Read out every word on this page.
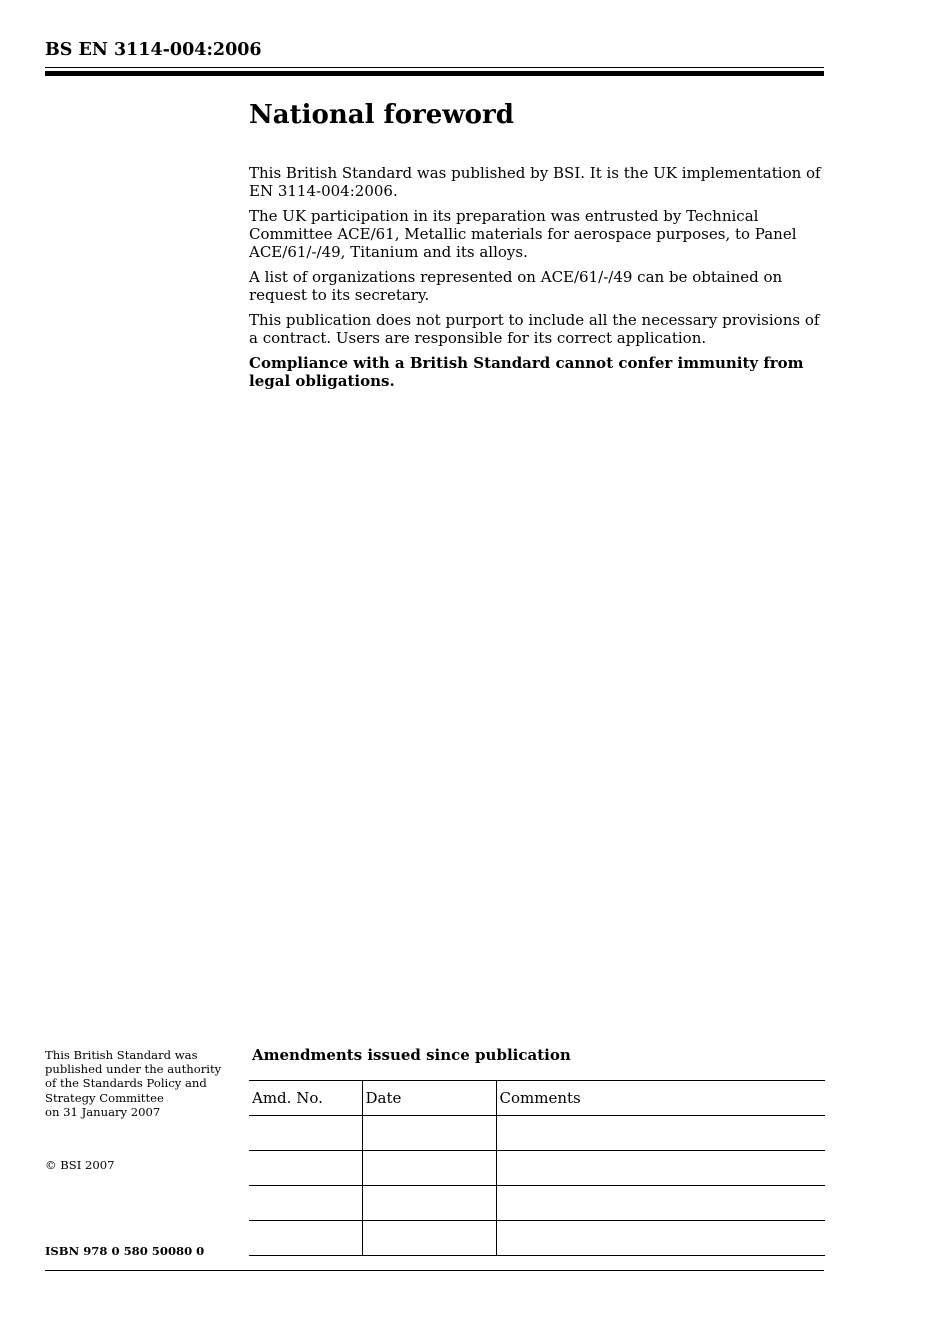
BS EN 3114-004:2006
National foreword

This British Standard was published by BSI. It is the UK implementation of EN 3114-004:2006.

The UK participation in its preparation was entrusted by Technical Committee ACE/61, Metallic materials for aerospace purposes, to Panel ACE/61/-/49, Titanium and its alloys.

A list of organizations represented on ACE/61/-/49 can be obtained on request to its secretary.

This publication does not purport to include all the necessary provisions of a contract. Users are responsible for its correct application.

Compliance with a British Standard cannot confer immunity from legal obligations.

This British Standard was
published under the authority
of the Standards Policy and
Strategy Committee
on 31 January 2007
© BSI 2007
ISBN 978 0 580 50080 0
Amendments issued since publication
Amd. No.	Date	Comments
